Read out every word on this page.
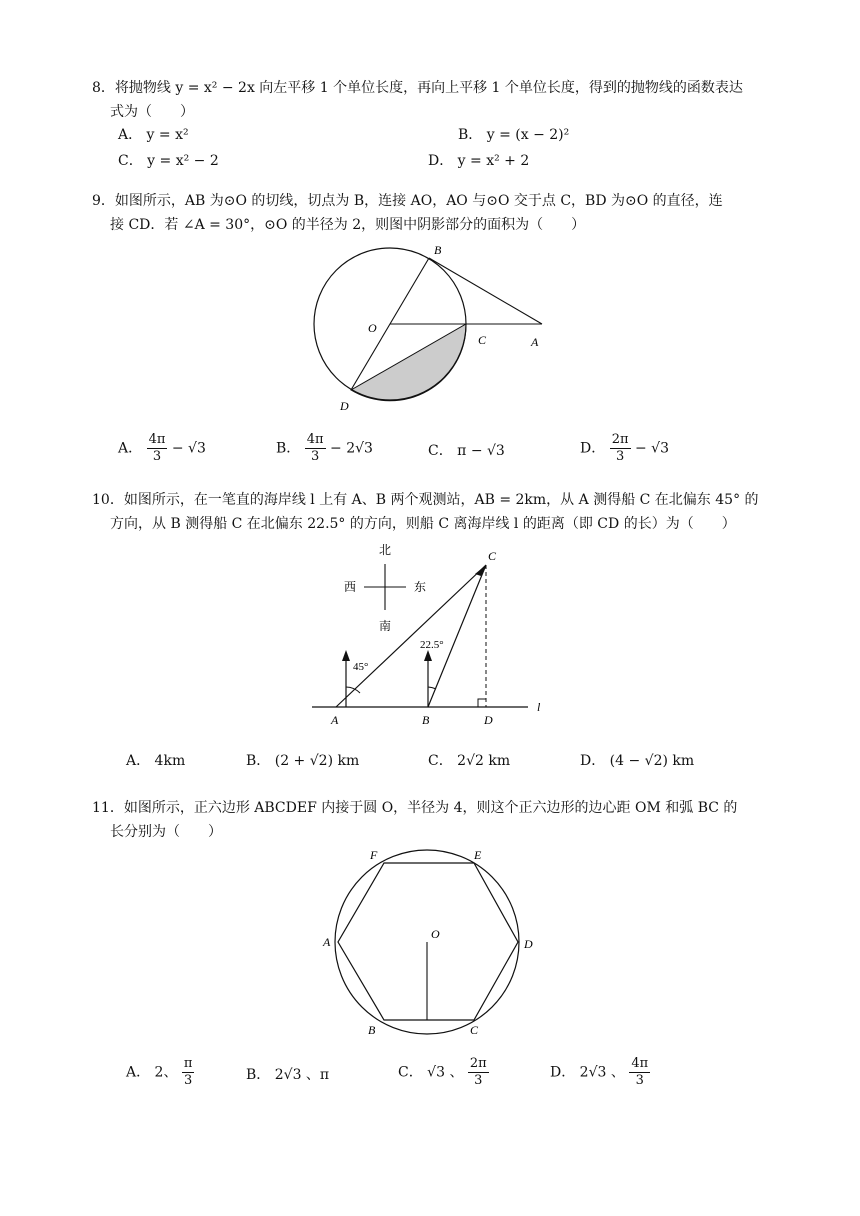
8．将抛物线 y = x² − 2x 向左平移 1 个单位长度，再向上平移 1 个单位长度，得到的抛物线的函数表达
式为（　　）

A． y = x²	B． y = (x − 2)²
C． y = x² − 2	D． y = x² + 2

9．如图所示，AB 为⊙O 的切线，切点为 B，连接 AO，AO 与⊙O 交于点 C，BD 为⊙O 的直径，连
接 CD．若 ∠A = 30°，⊙O 的半径为 2，则图中阴影部分的面积为（　　）

B
O
C	A
D
A． $\frac{4\pi}{3} - √3$	B． $\frac{4\pi}{3} - 2√3$	C． π − √3	D． $\frac{2\pi}{3} - √3$

10．如图所示，在一笔直的海岸线 l 上有 A、B 两个观测站，AB = 2km，从 A 测得船 C 在北偏东 45° 的
方向，从 B 测得船 C 在北偏东 22.5° 的方向，则船 C 离海岸线 l 的距离（即 CD 的长）为（　　）

北
西	东
南
45°
22.5°
C
A	B	D
l
A． 4km	B． (2 + √2) km	C． 2√2 km	D． (4 − √2) km

11．如图所示，正六边形 ABCDEF 内接于圆 O，半径为 4，则这个正六边形的边心距 OM 和弧 BC 的
长分别为（　　）

F	E
A	D
O
B	C
A． 2、 $\frac{\pi}{3}$	B． 2√3 、π	C． √3 、 $\frac{2\pi}{3}$	D． 2√3 、 $\frac{4\pi}{3}$
